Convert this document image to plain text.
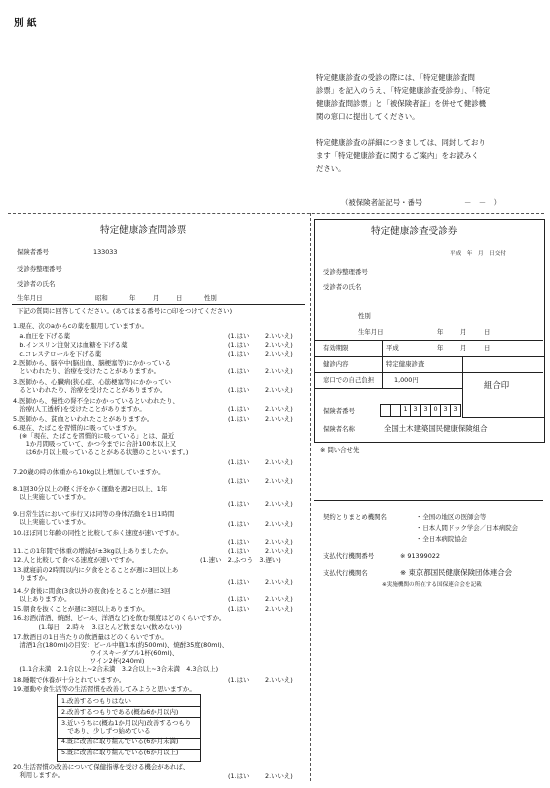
別 紙
特定健康診査の受診の際には、「特定健康診査問
診票」を記入のうえ、「特定健康診査受診券」、「特定
健康診査問診票」と「被保険者証」を併せて健診機
関の窓口に提出してください。
特定健康診査の詳細につきましては、同封しており
ます「特定健康診査に関するご案内」をお読みく
ださい。
（被保険者証記号・番号	－　－　）
特定健康診査問診票
保険者番号	133033
受診券整理番号
受診者の氏名
生年月日	昭和	年	月	日	性別
下記の質問に回答してください。(あてはまる番号に○印をつけてください)
1.現在、次のaからcの薬を服用していますか。
　a.血圧を下げる薬	(1.はい 2.いいえ)
　b.インスリン注射又は血糖を下げる薬	(1.はい 2.いいえ)
　c.コレステロールを下げる薬	(1.はい 2.いいえ)
2.医師から、脳卒中(脳出血、脳梗塞等)にかかっている
　といわれたり、治療を受けたことがありますか。	(1.はい 2.いいえ)
3.医師から、心臓病(狭心症、心筋梗塞等)にかかってい
　るといわれたり、治療を受けたことがありますか。	(1.はい 2.いいえ)
4.医師から、慢性の腎不全にかかっているといわれたり、
　治療(人工透析)を受けたことがありますか。	(1.はい 2.いいえ)
5.医師から、貧血といわれたことがありますか。	(1.はい 2.いいえ)
6.現在、たばこを習慣的に吸っていますか。
　(※「現在、たばこを習慣的に吸っている」とは、最近
　　1か月間吸っていて、かつ今までに合計100本以上又
　　は6か月以上吸っていることがある状態のこといいます。)
(1.はい 2.いいえ)
7.20歳の時の体重から10kg以上増加していますか。
(1.はい 2.いいえ)
8.1回30分以上の軽く汗をかく運動を週2日以上、1年
　以上実施していますか。
(1.はい 2.いいえ)
9.日常生活において歩行又は同等の身体活動を1日1時間
　以上実施していますか。	(1.はい 2.いいえ)
10.ほぼ同じ年齢の同性と比較して歩く速度が速いですか。
(1.はい 2.いいえ)
11.この1年間で体重の増減が±3kg以上ありましたか。	(1.はい 2.いいえ)
12.人と比較して食べる速度が速いですか。	(1.速い　2.ふつう　3.遅い)
13.就寝前の2時間以内に夕食をとることが週に3回以上あ
　りますか。	(1.はい 2.いいえ)
14.夕食後に間食(3食以外の夜食)をとることが週に3回
　以上ありますか。	(1.はい 2.いいえ)
15.朝食を抜くことが週に3回以上ありますか。	(1.はい 2.いいえ)
16.お酒(清酒、焼酎、ビール、洋酒など)を飲む頻度はどのくらいですか。
　　　　(1.毎日　2.時々　3.ほとんど飲まない(飲めない))
17.飲酒日の1日当たりの飲酒量はどのくらいですか。
　清酒1合(180ml)の目安：ビール中瓶1本(約500ml)、焼酎35度(80ml)、
　　　　　　　　　　　　ウイスキーダブル1杯(60ml)、
　　　　　　　　　　　　ワイン2杯(240ml)
　(1.1合未満　2.1合以上~2合未満　3.2合以上~3合未満　4.3合以上)
18.睡眠で休養が十分とれていますか。	(1.はい 2.いいえ)
19.運動や食生活等の生活習慣を改善してみようと思いますか。
1.改善するつもりはない
2.改善するつもりである(概ね6か月以内)
3.近いうちに(概ね1か月以内)改善するつもり
　であり、少しずつ始めている
4.既に改善に取り組んでいる(6か月未満)
5.既に改善に取り組んでいる(6か月以上)
20.生活習慣の改善について保健指導を受ける機会があれば、
　利用しますか。	(1.はい 2.いいえ)
特定健康診査受診券
平成　年　月　日交付
受診券整理番号
受診者の氏名
性別
生年月日	年	月	日
有効期限	平成	年	月	日
健診内容	特定健康診査
窓口での自己負担	1,000円	組合印
保険者番号	1 3 3 0 3 3
保険者名称	全国土木建築国民健康保険組合
※ 問い合せ先
契約とりまとめ機関名	・全国の地区の医師会等
・日本人間ドック学会／日本病院会
・全日本病院協会
支払代行機関番号	※ 91399022
支払代行機関名	※ 東京都国民健康保険団体連合会
※実施機関の所在する国保連合会を記載
